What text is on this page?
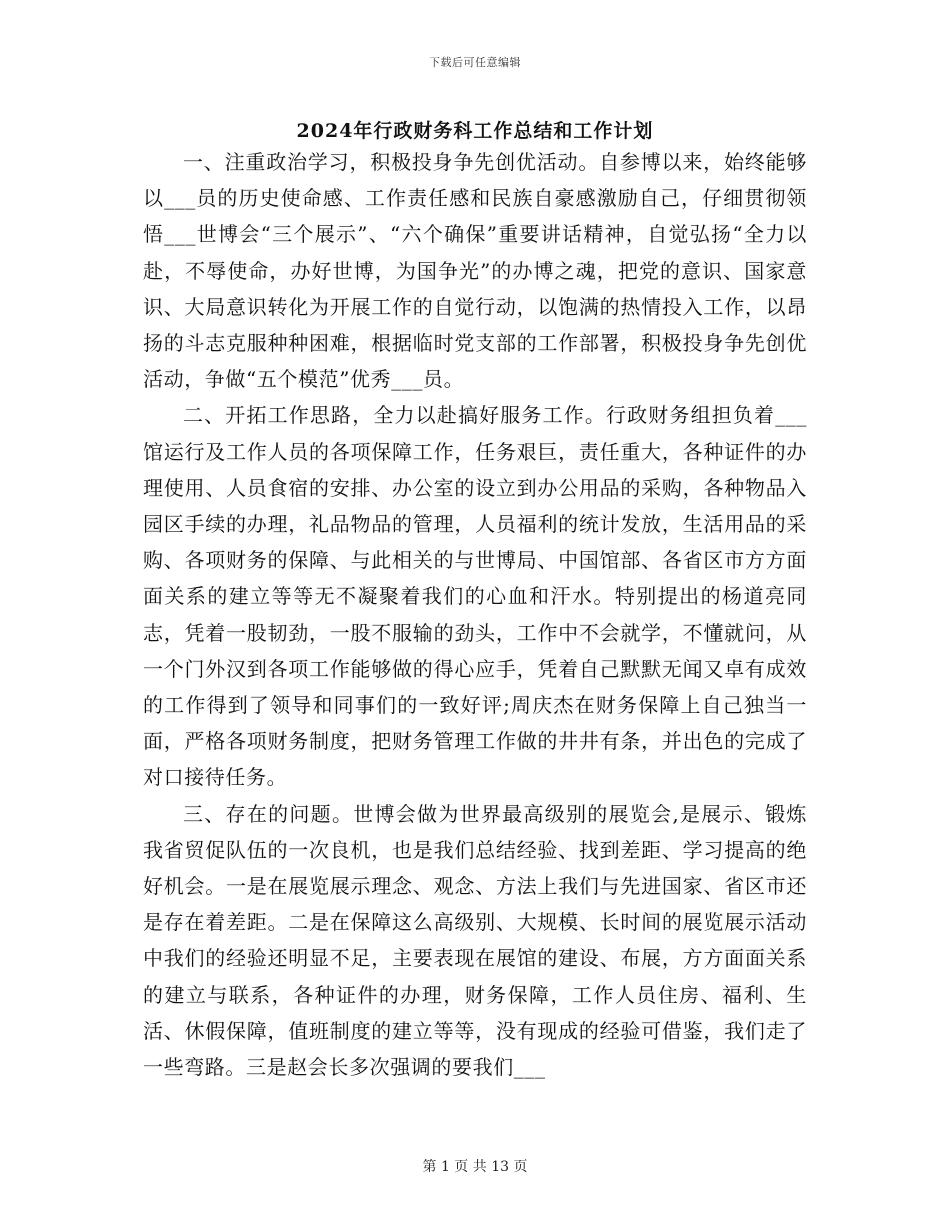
下载后可任意编辑
2024年行政财务科工作总结和工作计划

一、注重政治学习，积极投身争先创优活动。自参博以来，始终能够以___员的历史使命感、工作责任感和民族自豪感激励自己，仔细贯彻领悟___世博会“三个展示”、“六个确保”重要讲话精神，自觉弘扬“全力以赴，不辱使命，办好世博，为国争光”的办博之魂，把党的意识、国家意识、大局意识转化为开展工作的自觉行动，以饱满的热情投入工作，以昂扬的斗志克服种种困难，根据临时党支部的工作部署，积极投身争先创优活动，争做“五个模范”优秀___员。

二、开拓工作思路，全力以赴搞好服务工作。行政财务组担负着___馆运行及工作人员的各项保障工作，任务艰巨，责任重大，各种证件的办理使用、人员食宿的安排、办公室的设立到办公用品的采购，各种物品入园区手续的办理，礼品物品的管理，人员福利的统计发放，生活用品的采购、各项财务的保障、与此相关的与世博局、中国馆部、各省区市方方面面关系的建立等等无不凝聚着我们的心血和汗水。特别提出的杨道亮同志，凭着一股韧劲，一股不服输的劲头，工作中不会就学，不懂就问，从一个门外汉到各项工作能够做的得心应手，凭着自己默默无闻又卓有成效的工作得到了领导和同事们的一致好评;周庆杰在财务保障上自己独当一面，严格各项财务制度，把财务管理工作做的井井有条，并出色的完成了对口接待任务。

三、存在的问题。世博会做为世界最高级别的展览会,是展示、锻炼我省贸促队伍的一次良机，也是我们总结经验、找到差距、学习提高的绝好机会。一是在展览展示理念、观念、方法上我们与先进国家、省区市还是存在着差距。二是在保障这么高级别、大规模、长时间的展览展示活动中我们的经验还明显不足，主要表现在展馆的建设、布展，方方面面关系的建立与联系，各种证件的办理，财务保障，工作人员住房、福利、生活、休假保障，值班制度的建立等等，没有现成的经验可借鉴，我们走了一些弯路。三是赵会长多次强调的要我们___

第 1 页 共 13 页
